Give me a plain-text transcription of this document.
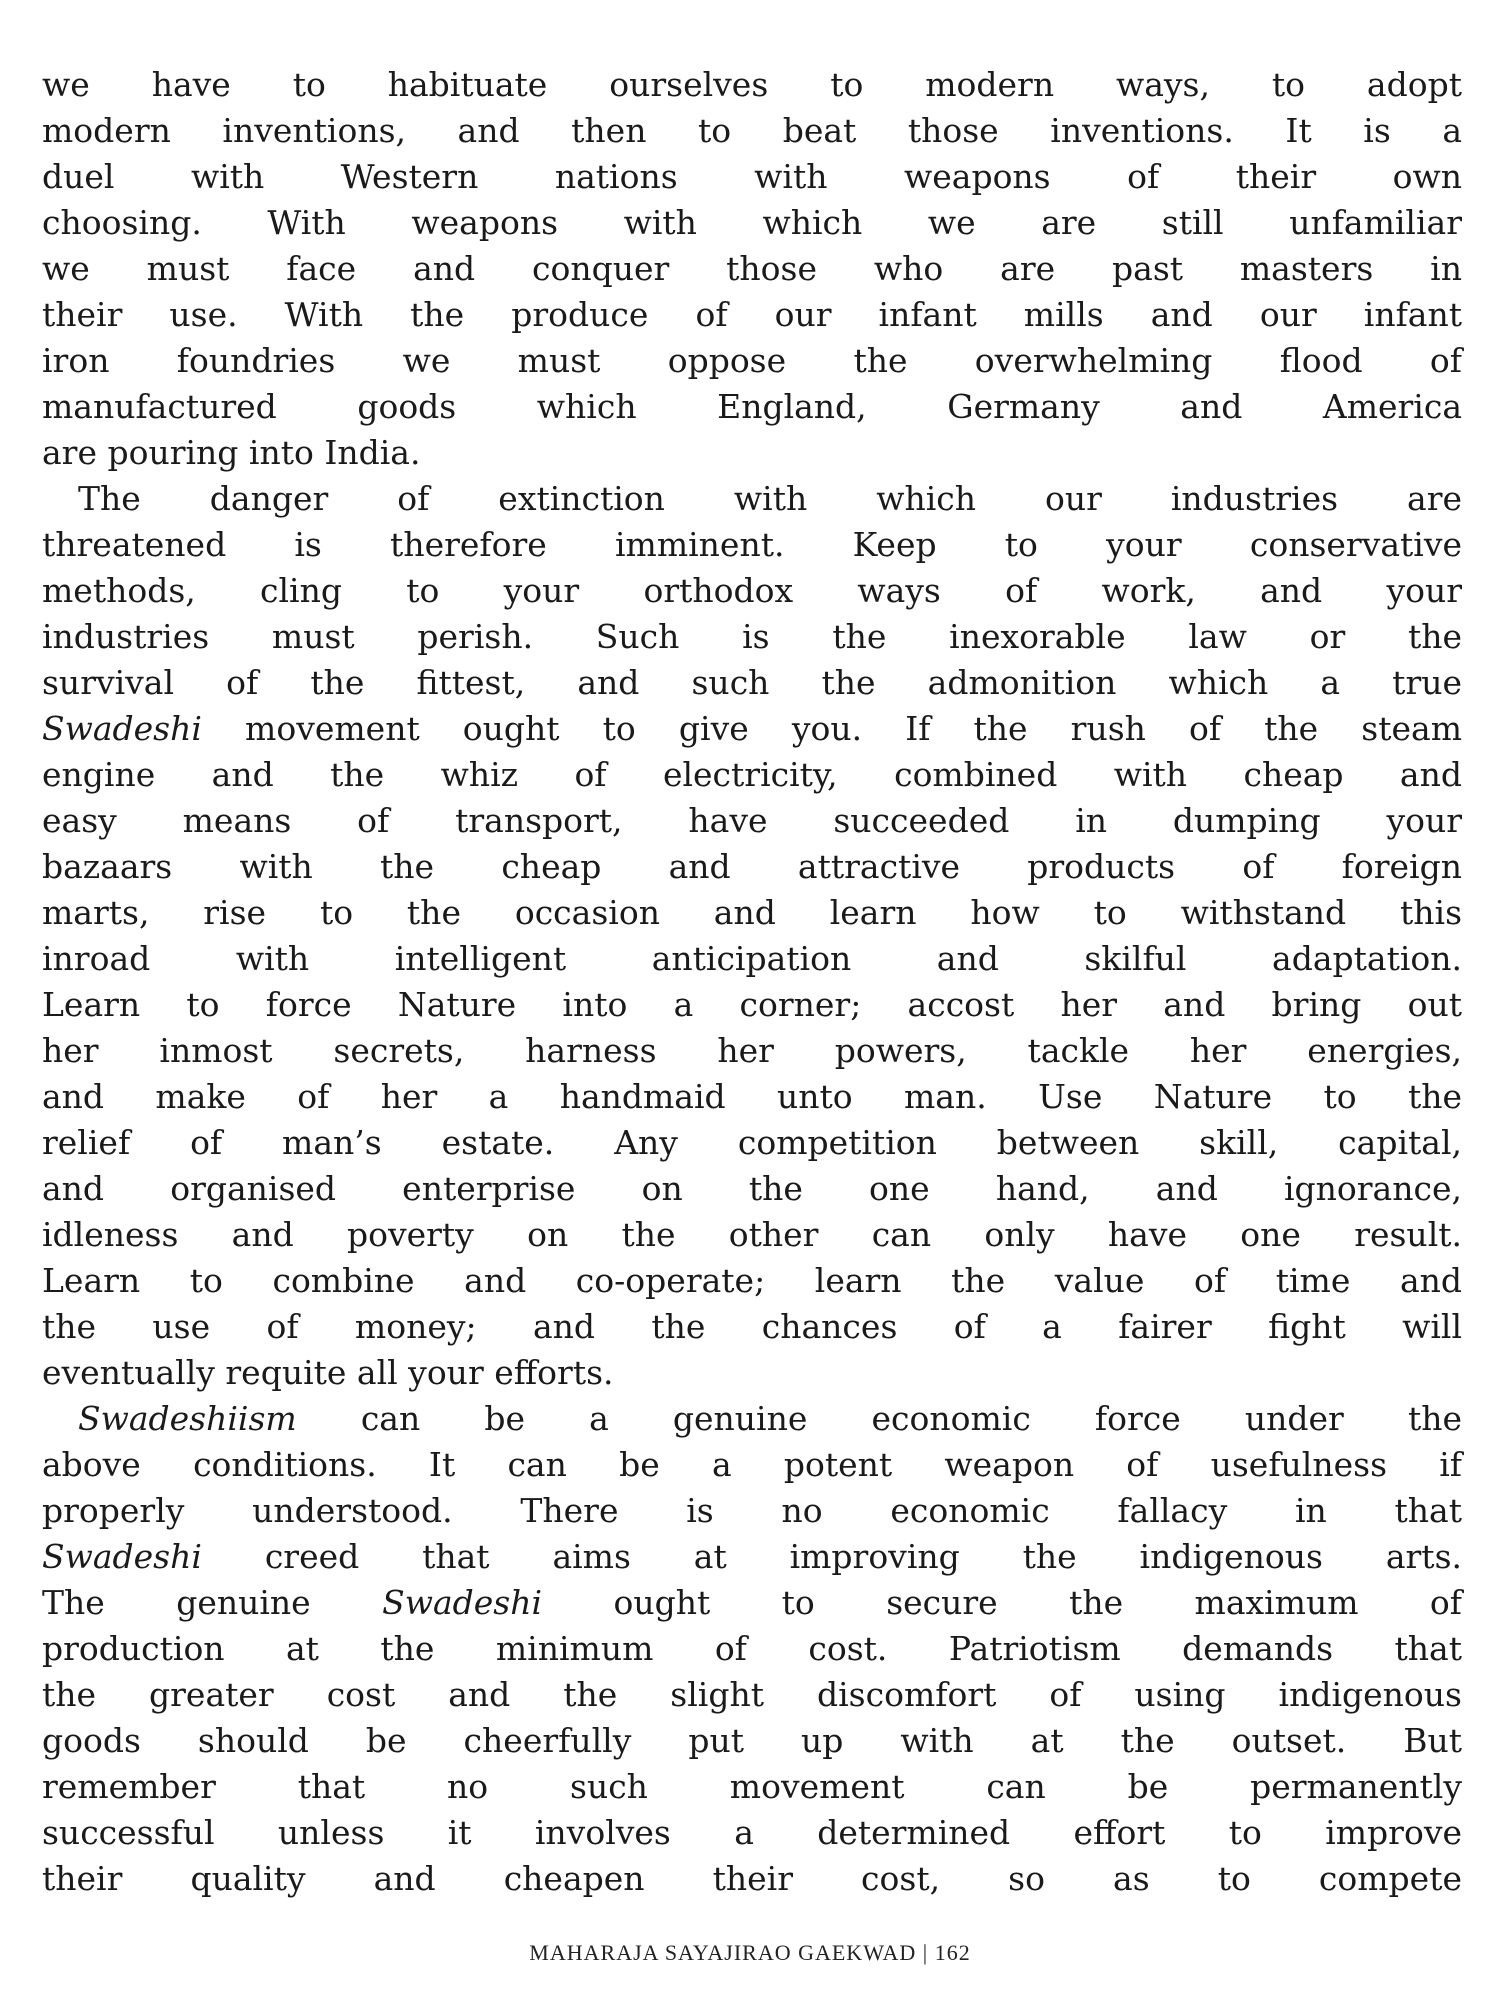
we have to habituate ourselves to modern ways, to adopt
modern inventions, and then to beat those inventions. It is a
duel with Western nations with weapons of their own
choosing. With weapons with which we are still unfamiliar
we must face and conquer those who are past masters in
their use. With the produce of our infant mills and our infant
iron foundries we must oppose the overwhelming flood of
manufactured goods which England, Germany and America
are pouring into India.

The danger of extinction with which our industries are
threatened is therefore imminent. Keep to your conservative
methods, cling to your orthodox ways of work, and your
industries must perish. Such is the inexorable law or the
survival of the fittest, and such the admonition which a true
Swadeshi movement ought to give you. If the rush of the steam
engine and the whiz of electricity, combined with cheap and
easy means of transport, have succeeded in dumping your
bazaars with the cheap and attractive products of foreign
marts, rise to the occasion and learn how to withstand this
inroad with intelligent anticipation and skilful adaptation.
Learn to force Nature into a corner; accost her and bring out
her inmost secrets, harness her powers, tackle her energies,
and make of her a handmaid unto man. Use Nature to the
relief of man’s estate. Any competition between skill, capital,
and organised enterprise on the one hand, and ignorance,
idleness and poverty on the other can only have one result.
Learn to combine and co-operate; learn the value of time and
the use of money; and the chances of a fairer fight will
eventually requite all your efforts.

Swadeshiism can be a genuine economic force under the
above conditions. It can be a potent weapon of usefulness if
properly understood. There is no economic fallacy in that
Swadeshi creed that aims at improving the indigenous arts.
The genuine Swadeshi ought to secure the maximum of
production at the minimum of cost. Patriotism demands that
the greater cost and the slight discomfort of using indigenous
goods should be cheerfully put up with at the outset. But
remember that no such movement can be permanently
successful unless it involves a determined effort to improve
their quality and cheapen their cost, so as to compete

MAHARAJA SAYAJIRAO GAEKWAD | 162
